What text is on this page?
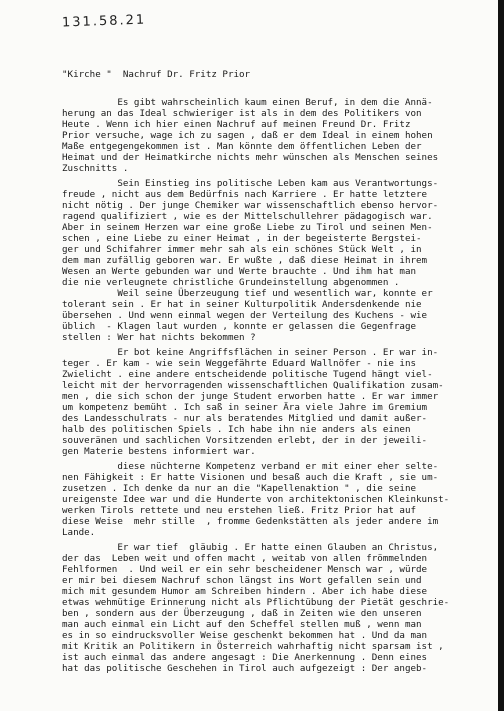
131.58.21
"Kirche "  Nachruf Dr. Fritz Prior
Es gibt wahrscheinlich kaum einen Beruf, in dem die Annä-
herung an das Ideal schwieriger ist als in dem des Politikers von
Heute . Wenn ich hier einen Nachruf auf meinen Freund Dr. Fritz
Prior versuche, wage ich zu sagen , daß er dem Ideal in einem hohen
Maße entgegengekommen ist . Man könnte dem öffentlichen Leben der
Heimat und der Heimatkirche nichts mehr wünschen als Menschen seines
Zuschnitts .
Sein Einstieg ins politische Leben kam aus Verantwortungs-
freude , nicht aus dem Bedürfnis nach Karriere . Er hatte letztere
nicht nötig . Der junge Chemiker war wissenschaftlich ebenso hervor-
ragend qualifiziert , wie es der Mittelschullehrer pädagogisch war.
Aber in seinem Herzen war eine große Liebe zu Tirol und seinen Men-
schen , eine Liebe zu einer Heimat , in der begeisterte Bergstei-
ger und Schifahrer immer mehr sah als ein schönes Stück Welt , in
dem man zufällig geboren war. Er wußte , daß diese Heimat in ihrem
Wesen an Werte gebunden war und Werte brauchte . Und ihm hat man
die nie verleugnete christliche Grundeinstellung abgenommen .
Weil seine Überzeugung tief und wesentlich war, konnte er
tolerant sein . Er hat in seiner Kulturpolitik Andersdenkende nie
übersehen . Und wenn einmal wegen der Verteilung des Kuchens - wie
üblich  - Klagen laut wurden , konnte er gelassen die Gegenfrage
stellen : Wer hat nichts bekommen ?
Er bot keine Angriffsflächen in seiner Person . Er war in-
teger . Er kam - wie sein Weggefährte Eduard Wallnöfer - nie ins
Zwielicht . eine andere entscheidende politische Tugend hängt viel-
leicht mit der hervorragenden wissenschaftlichen Qualifikation zusam-
men , die sich schon der junge Student erworben hatte . Er war immer
um kompetenz bemüht . Ich saß in seiner Ära viele Jahre im Gremium
des Landesschulrats - nur als beratendes Mitglied und damit außer-
halb des politischen Spiels . Ich habe ihn nie anders als einen
souveränen und sachlichen Vorsitzenden erlebt, der in der jeweili-
gen Materie bestens informiert war.
diese nüchterne Kompetenz verband er mit einer eher selte-
nen Fähigkeit : Er hatte Visionen und besaß auch die Kraft , sie um-
zusetzen . Ich denke da nur an die "Kapellenaktion " , die seine
ureigenste Idee war und die Hunderte von architektonischen Kleinkunst-
werken Tirols rettete und neu erstehen ließ. Fritz Prior hat auf
diese Weise  mehr stille  , fromme Gedenkstätten als jeder andere im
Lande.
Er war tief  gläubig . Er hatte einen Glauben an Christus,
der das  Leben weit und offen macht , weitab von allen frömmelnden
Fehlformen  . Und weil er ein sehr bescheidener Mensch war , würde
er mir bei diesem Nachruf schon längst ins Wort gefallen sein und
mich mit gesundem Humor am Schreiben hindern . Aber ich habe diese
etwas wehmütige Erinnerung nicht als Pflichtübung der Pietät geschrie-
ben , sondern aus der Überzeugung , daß in Zeiten wie den unseren
man auch einmal ein Licht auf den Scheffel stellen muß , wenn man
es in so eindrucksvoller Weise geschenkt bekommen hat . Und da man
mit Kritik an Politikern in Österreich wahrhaftig nicht sparsam ist ,
ist auch einmal das andere angesagt : Die Anerkennung . Denn eines
hat das politische Geschehen in Tirol auch aufgezeigt : Der angeb-
